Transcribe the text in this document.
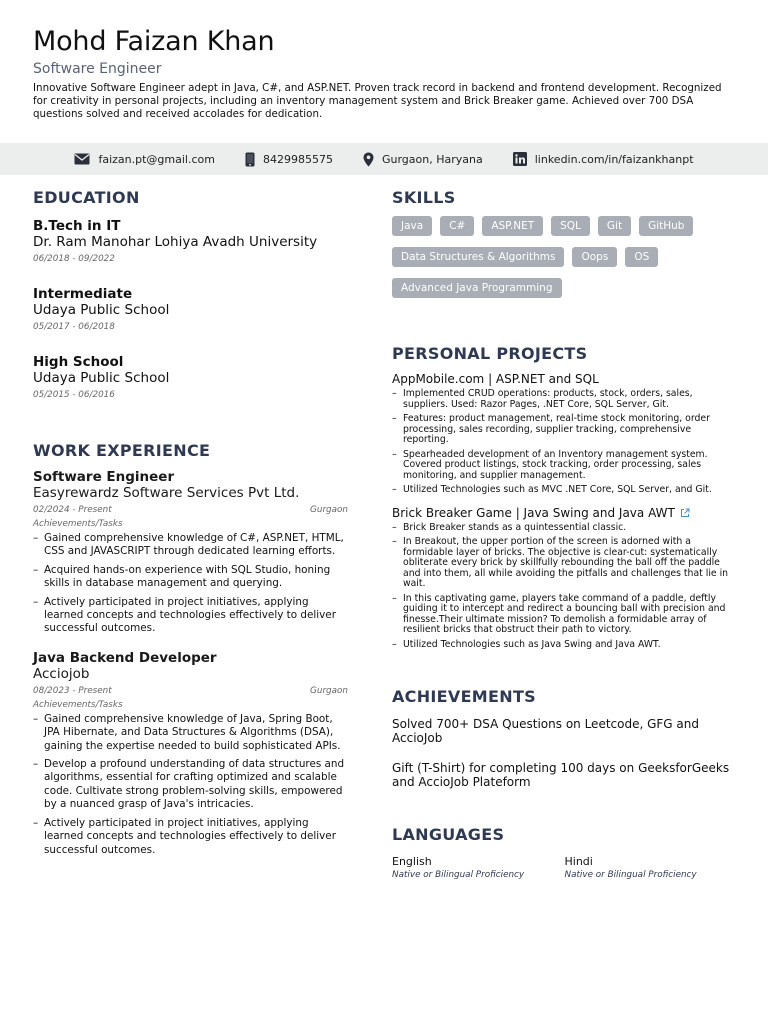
Mohd Faizan Khan
Software Engineer

Innovative Software Engineer adept in Java, C#, and ASP.NET. Proven track record in backend and frontend development. Recognized for creativity in personal projects, including an inventory management system and Brick Breaker game. Achieved over 700 DSA questions solved and received accolades for dedication.

faizan.pt@gmail.com	8429985575	Gurgaon, Haryana	linkedin.com/in/faizankhanpt
EDUCATION
B.Tech in IT
Dr. Ram Manohar Lohiya Avadh University
06/2018 - 09/2022
Intermediate
Udaya Public School
05/2017 - 06/2018
High School
Udaya Public School
05/2015 - 06/2016
WORK EXPERIENCE
Software Engineer
Easyrewardz Software Services Pvt Ltd.
02/2024 - Present	Gurgaon
Achievements/Tasks
– Gained comprehensive knowledge of C#, ASP.NET, HTML, CSS and JAVASCRIPT through dedicated learning efforts.
– Acquired hands-on experience with SQL Studio, honing skills in database management and querying.
– Actively participated in project initiatives, applying learned concepts and technologies effectively to deliver successful outcomes.
Java Backend Developer
Acciojob
08/2023 - Present	Gurgaon
Achievements/Tasks
– Gained comprehensive knowledge of Java, Spring Boot, JPA Hibernate, and Data Structures & Algorithms (DSA), gaining the expertise needed to build sophisticated APIs.
– Develop a profound understanding of data structures and algorithms, essential for crafting optimized and scalable code. Cultivate strong problem-solving skills, empowered by a nuanced grasp of Java's intricacies.
– Actively participated in project initiatives, applying learned concepts and technologies effectively to deliver successful outcomes.
SKILLS
Java	C#	ASP.NET	SQL	Git	GitHub
Data Structures & Algorithms	Oops	OS
Advanced Java Programming
PERSONAL PROJECTS
AppMobile.com | ASP.NET and SQL
– Implemented CRUD operations: products, stock, orders, sales, suppliers. Used: Razor Pages, .NET Core, SQL Server, Git.
– Features: product management, real-time stock monitoring, order processing, sales recording, supplier tracking, comprehensive reporting.
– Spearheaded development of an Inventory management system. Covered product listings, stock tracking, order processing, sales monitoring, and supplier management.
– Utilized Technologies such as MVC .NET Core, SQL Server, and Git.
Brick Breaker Game | Java Swing and Java AWT
– Brick Breaker stands as a quintessential classic.
– In Breakout, the upper portion of the screen is adorned with a formidable layer of bricks. The objective is clear-cut: systematically obliterate every brick by skillfully rebounding the ball off the paddle and into them, all while avoiding the pitfalls and challenges that lie in wait.
– In this captivating game, players take command of a paddle, deftly guiding it to intercept and redirect a bouncing ball with precision and finesse.Their ultimate mission? To demolish a formidable array of resilient bricks that obstruct their path to victory.
– Utilized Technologies such as Java Swing and Java AWT.
ACHIEVEMENTS
Solved 700+ DSA Questions on Leetcode, GFG and AccioJob
Gift (T-Shirt) for completing 100 days on GeeksforGeeks and AccioJob Plateform
LANGUAGES
English
Native or Bilingual Proficiency
Hindi
Native or Bilingual Proficiency
